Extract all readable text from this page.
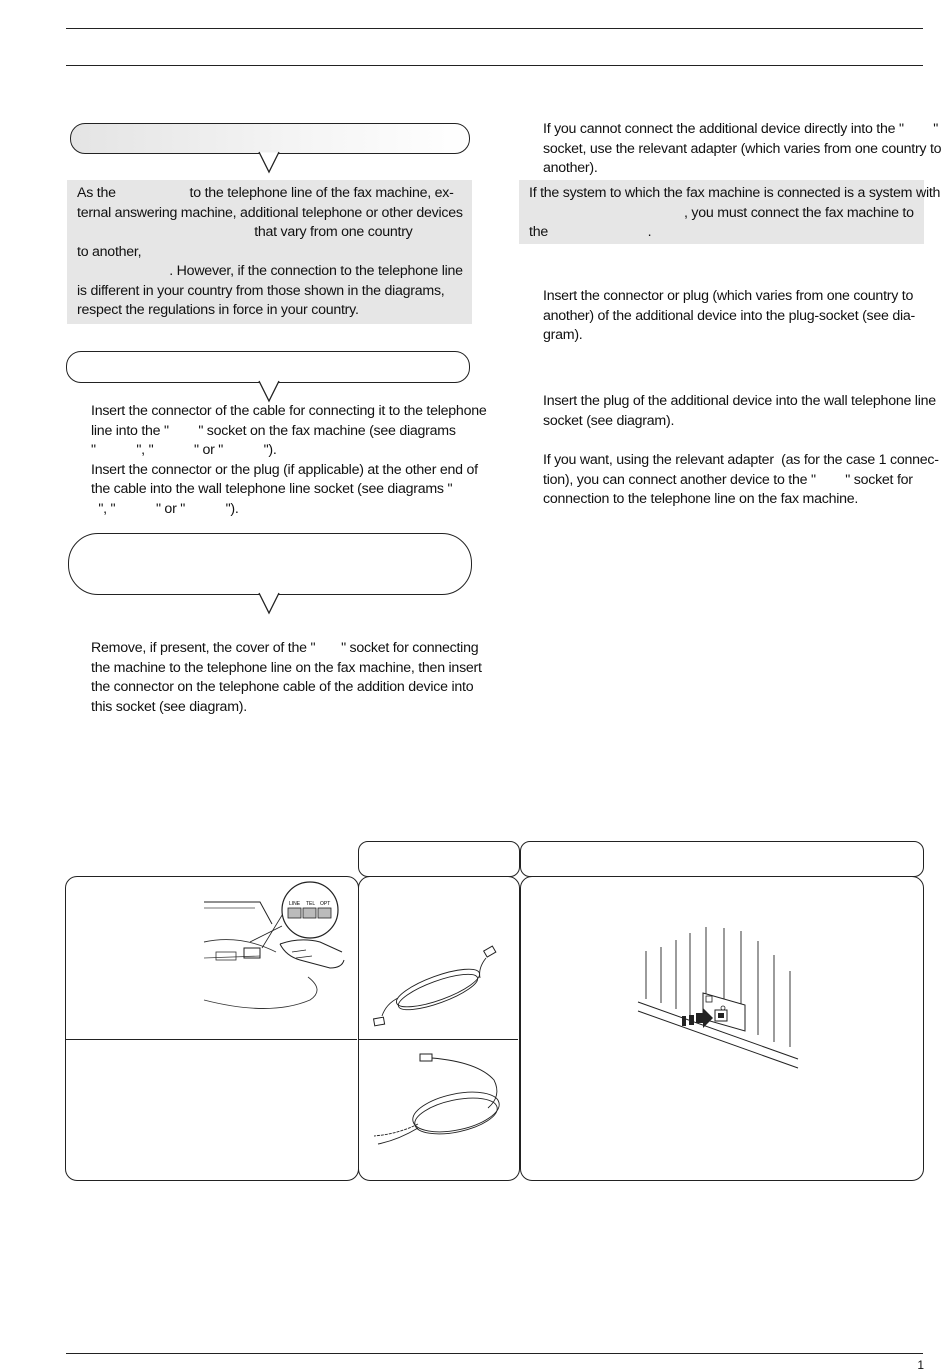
As the                    to the telephone line of the fax machine, ex-

ternal answering machine, additional telephone or other devices

that vary from one country

to another,

. However, if the connection to the telephone line

is different in your country from those shown in the diagrams,

respect the regulations in force in your country.

Insert the connector of the cable for connecting it to the telephone

line into the "        " socket on the fax machine (see diagrams

"           ", "           " or "           ").

Insert the connector or the plug (if applicable) at the other end of

the cable into the wall telephone line socket (see diagrams "

", "           " or "           ").

Remove, if present, the cover of the "       " socket for connecting

the machine to the telephone line on the fax machine, then insert

the connector on the telephone cable of the addition device into

this socket (see diagram).

If you cannot connect the additional device directly into the "        "

socket, use the relevant adapter (which varies from one country to

another).

If the system to which the fax machine is connected is a system with

, you must connect the fax machine to

the                           .

Insert the connector or plug (which varies from one country to

another) of the additional device into the plug-socket (see dia-

gram).

Insert the plug of the additional device into the wall telephone line

socket (see diagram).

If you want, using the relevant adapter  (as for the case 1 connec-

tion), you can connect another device to the "        " socket for

connection to the telephone line on the fax machine.

LINE TEL OPT
1
